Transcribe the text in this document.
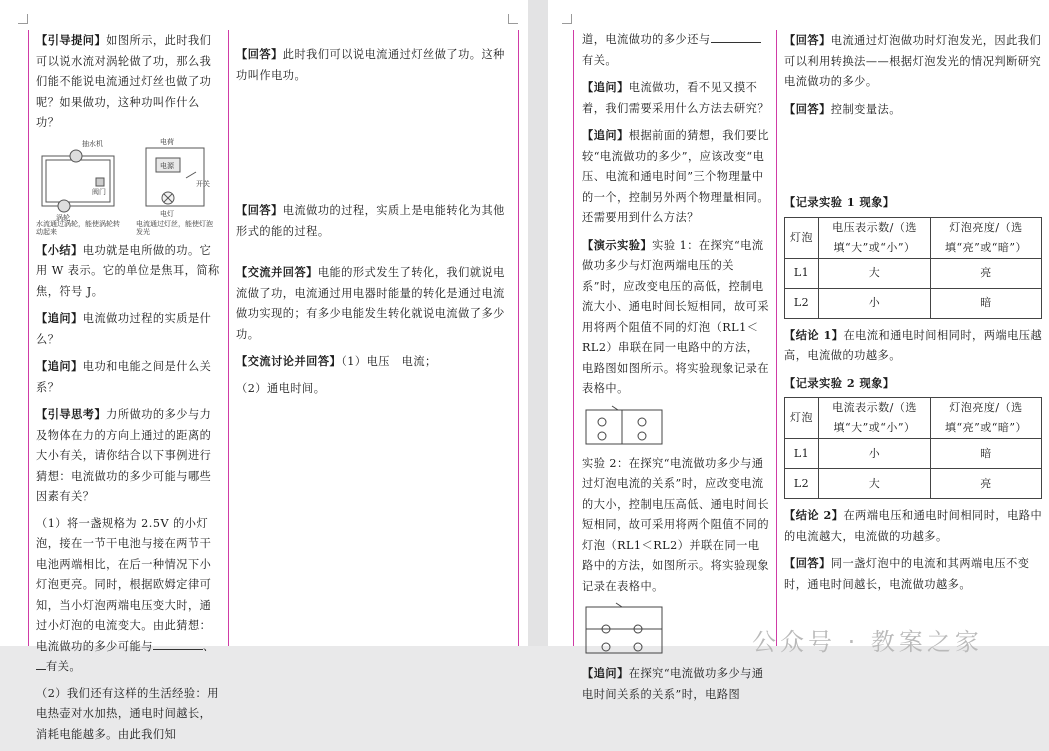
【引导提问】如图所示，此时我们可以说水流对涡轮做了功，那么我们能不能说电流通过灯丝也做了功呢？如果做功，这种功叫作什么功？

抽水机
阀门
涡轮
电荷
电源
开关
电灯
水流通过涡轮，能使涡轮转动起来
电流通过灯丝，能使灯泡发光

【小结】电功就是电所做的功。它用 W 表示。它的单位是焦耳，简称焦，符号 J。

【追问】电流做功过程的实质是什么？

【追问】电功和电能之间是什么关系？

【引导思考】力所做功的多少与力及物体在力的方向上通过的距离的大小有关，请你结合以下事例进行猜想：电流做功的多少可能与哪些因素有关？

（1）将一盏规格为 2.5V 的小灯泡，接在一节干电池与接在两节干电池两端相比，在后一种情况下小灯泡更亮。同时，根据欧姆定律可知，当小灯泡两端电压变大时，通过小灯泡的电流变大。由此猜想：电流做功的多少可能与	、有关。

（2）我们还有这样的生活经验：用电热壶对水加热，通电时间越长，消耗电能越多。由此我们知

【回答】此时我们可以说电流通过灯丝做了功。这种功叫作电功。

【回答】电流做功的过程，实质上是电能转化为其他形式的能的过程。

【交流并回答】电能的形式发生了转化，我们就说电流做了功，电流通过用电器时能量的转化是通过电流做功实现的；有多少电能发生转化就说电流做了多少功。

【交流讨论并回答】（1）电压　电流；

（2）通电时间。

道，电流做功的多少还与有关。

【追问】电流做功，看不见又摸不着，我们需要采用什么方法去研究？

【追问】根据前面的猜想，我们要比较“电流做功的多少”，应该改变“电压、电流和通电时间”三个物理量中的一个，控制另外两个物理量相同。还需要用到什么方法？

【演示实验】实验 1：在探究“电流做功多少与灯泡两端电压的关系”时，应改变电压的高低，控制电流大小、通电时间长短相同，故可采用将两个阻值不同的灯泡（RL1＜RL2）串联在同一电路中的方法，电路图如图所示。将实验现象记录在表格中。

实验 2：在探究“电流做功多少与通过灯泡电流的关系”时，应改变电流的大小，控制电压高低、通电时间长短相同，故可采用将两个阻值不同的灯泡（RL1＜RL2）并联在同一电路中的方法，如图所示。将实验现象记录在表格中。

【追问】在探究“电流做功多少与通电时间关系的关系”时，电路图

【回答】电流通过灯泡做功时灯泡发光，因此我们可以利用转换法——根据灯泡发光的情况判断研究电流做功的多少。

【回答】控制变量法。

【记录实验 1 现象】

灯泡	电压表示数/（选填“大”或“小”）	灯泡亮度/（选填“亮”或“暗”）
L1	大	亮
L2	小	暗

【结论 1】在电流和通电时间相同时，两端电压越高，电流做的功越多。

【记录实验 2 现象】

灯泡	电流表示数/（选填“大”或“小”）	灯泡亮度/（选填“亮”或“暗”）
L1	小	暗
L2	大	亮

【结论 2】在两端电压和通电时间相同时，电路中的电流越大，电流做的功越多。

【回答】同一盏灯泡中的电流和其两端电压不变时，通电时间越长，电流做功越多。

公众号 · 教案之家
